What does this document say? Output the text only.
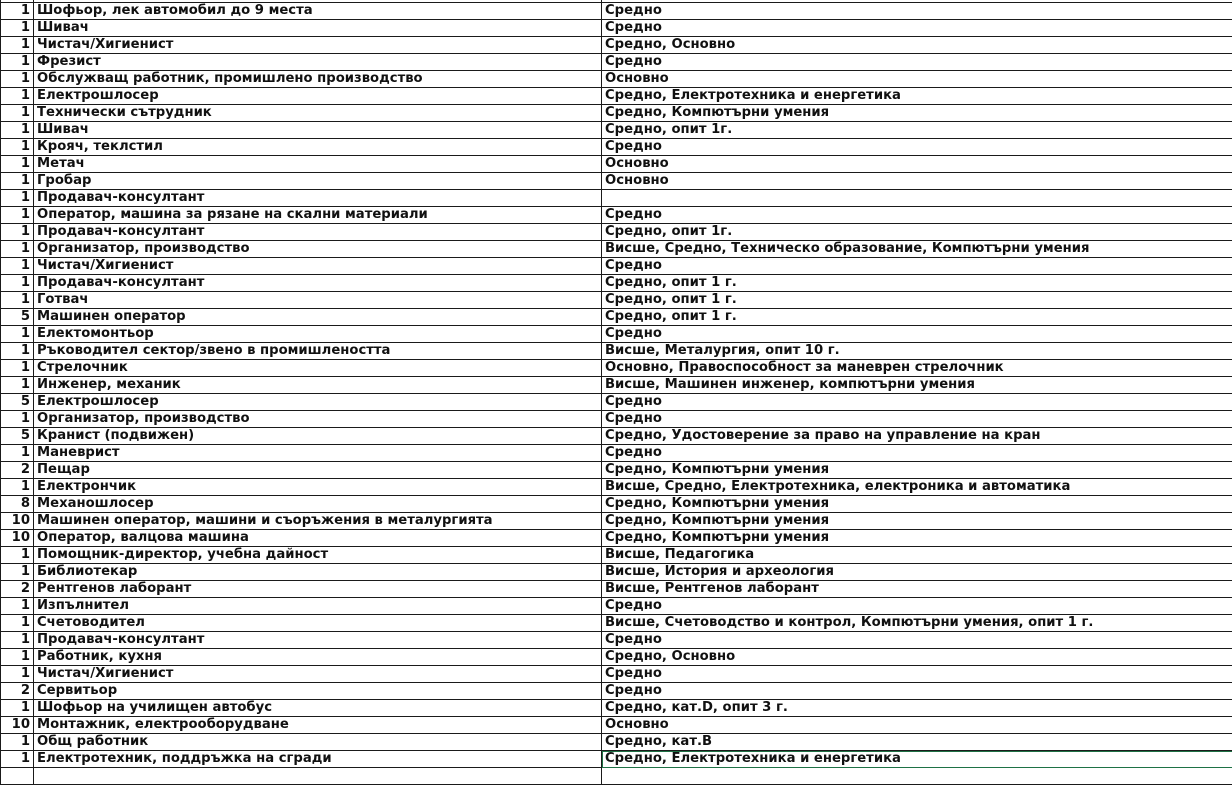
1	Шофьор, лек автомобил до 9 места	Средно
1	Шивач	Средно
1	Чистач/Хигиенист	Средно, Основно
1	Фрезист	Средно
1	Обслужващ работник, промишлено производство	Основно
1	Електрошлосер	Средно, Електротехника и енергетика
1	Технически сътрудник	Средно, Компютърни умения
1	Шивач	Средно, опит 1г.
1	Крояч, теклстил	Средно
1	Метач	Основно
1	Гробар	Основно
1	Продавач-консултант	
1	Оператор, машина за рязане на скални материали	Средно
1	Продавач-консултант	Средно, опит 1г.
1	Организатор, производство	Висше, Средно, Техническо образование, Компютърни умения
1	Чистач/Хигиенист	Средно
1	Продавач-консултант	Средно, опит 1 г.
1	Готвач	Средно, опит 1 г.
5	Машинен оператор	Средно, опит 1 г.
1	Електомонтьор	Средно
1	Ръководител сектор/звено в промишлеността	Висше, Металургия, опит 10 г.
1	Стрелочник	Основно, Правоспособност за маневрен стрелочник
1	Инженер, механик	Висше, Машинен инженер, компютърни умения
5	Електрошлосер	Средно
1	Организатор, производство	Средно
5	Кранист (подвижен)	Средно, Удостоверение за право на управление на кран
1	Маневрист	Средно
2	Пещар	Средно, Компютърни умения
1	Електрончик	Висше, Средно, Електротехника, електроника и автоматика
8	Механошлосер	Средно, Компютърни умения
10	Машинен оператор, машини и съоръжения в металургията	Средно, Компютърни умения
10	Оператор, валцова машина	Средно, Компютърни умения
1	Помощник-директор, учебна дайност	Висше, Педагогика
1	Библиотекар	Висше, История и археология
2	Рентгенов лаборант	Висше, Рентгенов лаборант
1	Изпълнител	Средно
1	Счетоводител	Висше, Счетоводство и контрол, Компютърни умения, опит 1 г.
1	Продавач-консултант	Средно
1	Работник, кухня	Средно, Основно
1	Чистач/Хигиенист	Средно
2	Сервитьор	Средно
1	Шофьор на училищен автобус	Средно, кат.D, опит 3 г.
10	Монтажник, електрооборудване	Основно
1	Общ работник	Средно, кат.B
1	Електротехник, поддръжка на сгради	Средно, Електротехника и енергетика
